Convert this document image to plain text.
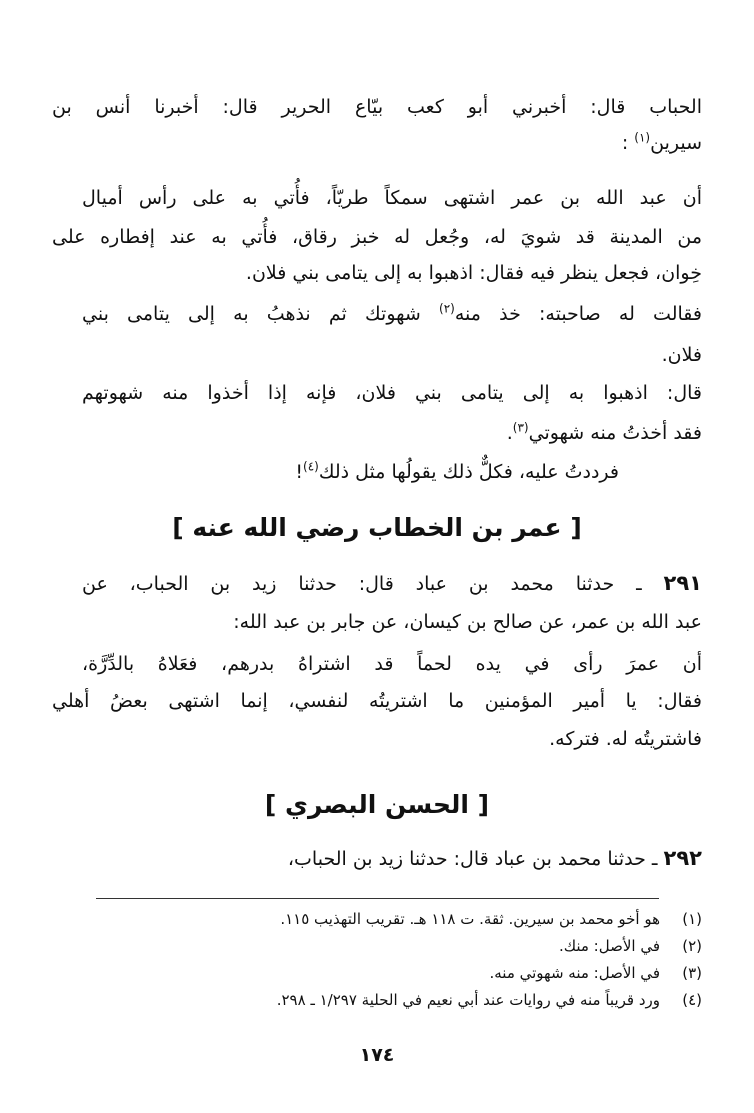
الحباب قال: أخبرني أبو كعب بيّاع الحرير قال: أخبرنا أنس بن
سيرين$^{(١)}$ :
أن عبد الله بن عمر اشتهى سمكاً طريّاً، فأُتي به على رأس أميال
من المدينة قد شويَ له، وجُعل له خبز رقاق، فأُتي به عند إفطاره على
خِوان، فجعل ينظر فيه فقال: اذهبوا به إلى يتامى بني فلان.
فقالت له صاحبته: خذ منه$^{(٢)}$ شهوتك ثم نذهبُ به إلى يتامى بني
فلان.
قال: اذهبوا به إلى يتامى بني فلان، فإنه إذا أخذوا منه شهوتهم
فقد أخذتُ منه شهوتي$^{(٣)}$.
فرددتُ عليه، فكلٌّ ذلك يقولُها مثل ذلك$^{(٤)}$!
[ عمر بن الخطاب رضي الله عنه ]
٢٩١ ـ حدثنا محمد بن عباد قال: حدثنا زيد بن الحباب، عن
عبد الله بن عمر، عن صالح بن كيسان، عن جابر بن عبد الله:
أن عمرَ رأى في يده لحماً قد اشتراهُ بدرهم، فعَلاهُ بالدِّرَّة،
فقال: يا أمير المؤمنين ما اشتريتُه لنفسي، إنما اشتهى بعضُ أهلي
فاشتريتُه له. فتركه.
[ الحسن البصري ]
٢٩٢ ـ حدثنا محمد بن عباد قال: حدثنا زيد بن الحباب،
(١)هو أخو محمد بن سيرين. ثقة. ت ١١٨ هـ. تقريب التهذيب ١١٥.
(٢)في الأصل: منك.
(٣)في الأصل: منه شهوتي منه.
(٤)ورد قريباً منه في روايات عند أبي نعيم في الحلية ١/٢٩٧ ـ ٢٩٨.
١٧٤
